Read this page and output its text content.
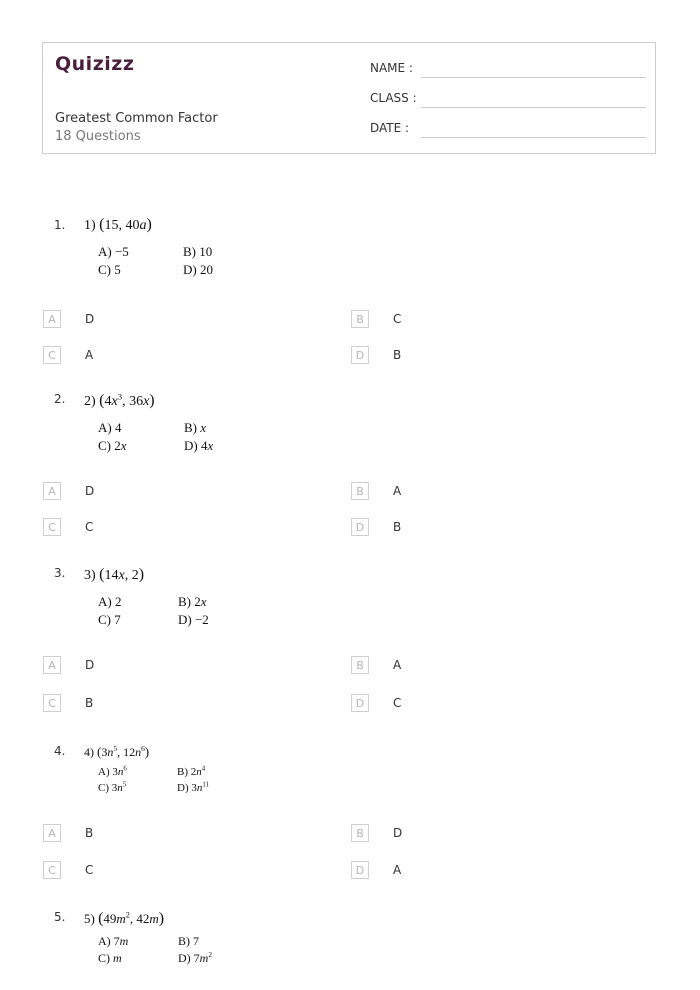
Quizizz
Greatest Common Factor
18 Questions
NAME :
CLASS :
DATE :
1. 1) (15, 40a)
A) −5	B) 10
C) 5	D) 20
A	D	B	C
C	A	D	B
2. 2) ($4x^3$, 36x)
A) 4	B) x
C) 2x	D) 4x
A	D	B	A
C	C	D	B
3. 3) (14x, 2)
A) 2	B) 2x
C) 7	D) −2
A	D	B	A
C	B	D	C
4. 4) ($3n^5$, $12n^6$)
A) $3n^6$	B) $2n^4$
C) $3n^5$	D) $3n^{11}$
A	B	B	D
C	C	D	A
5. 5) ($49m^2$, 42m)
A) 7m	B) 7
C) m	D) $7m^2$
